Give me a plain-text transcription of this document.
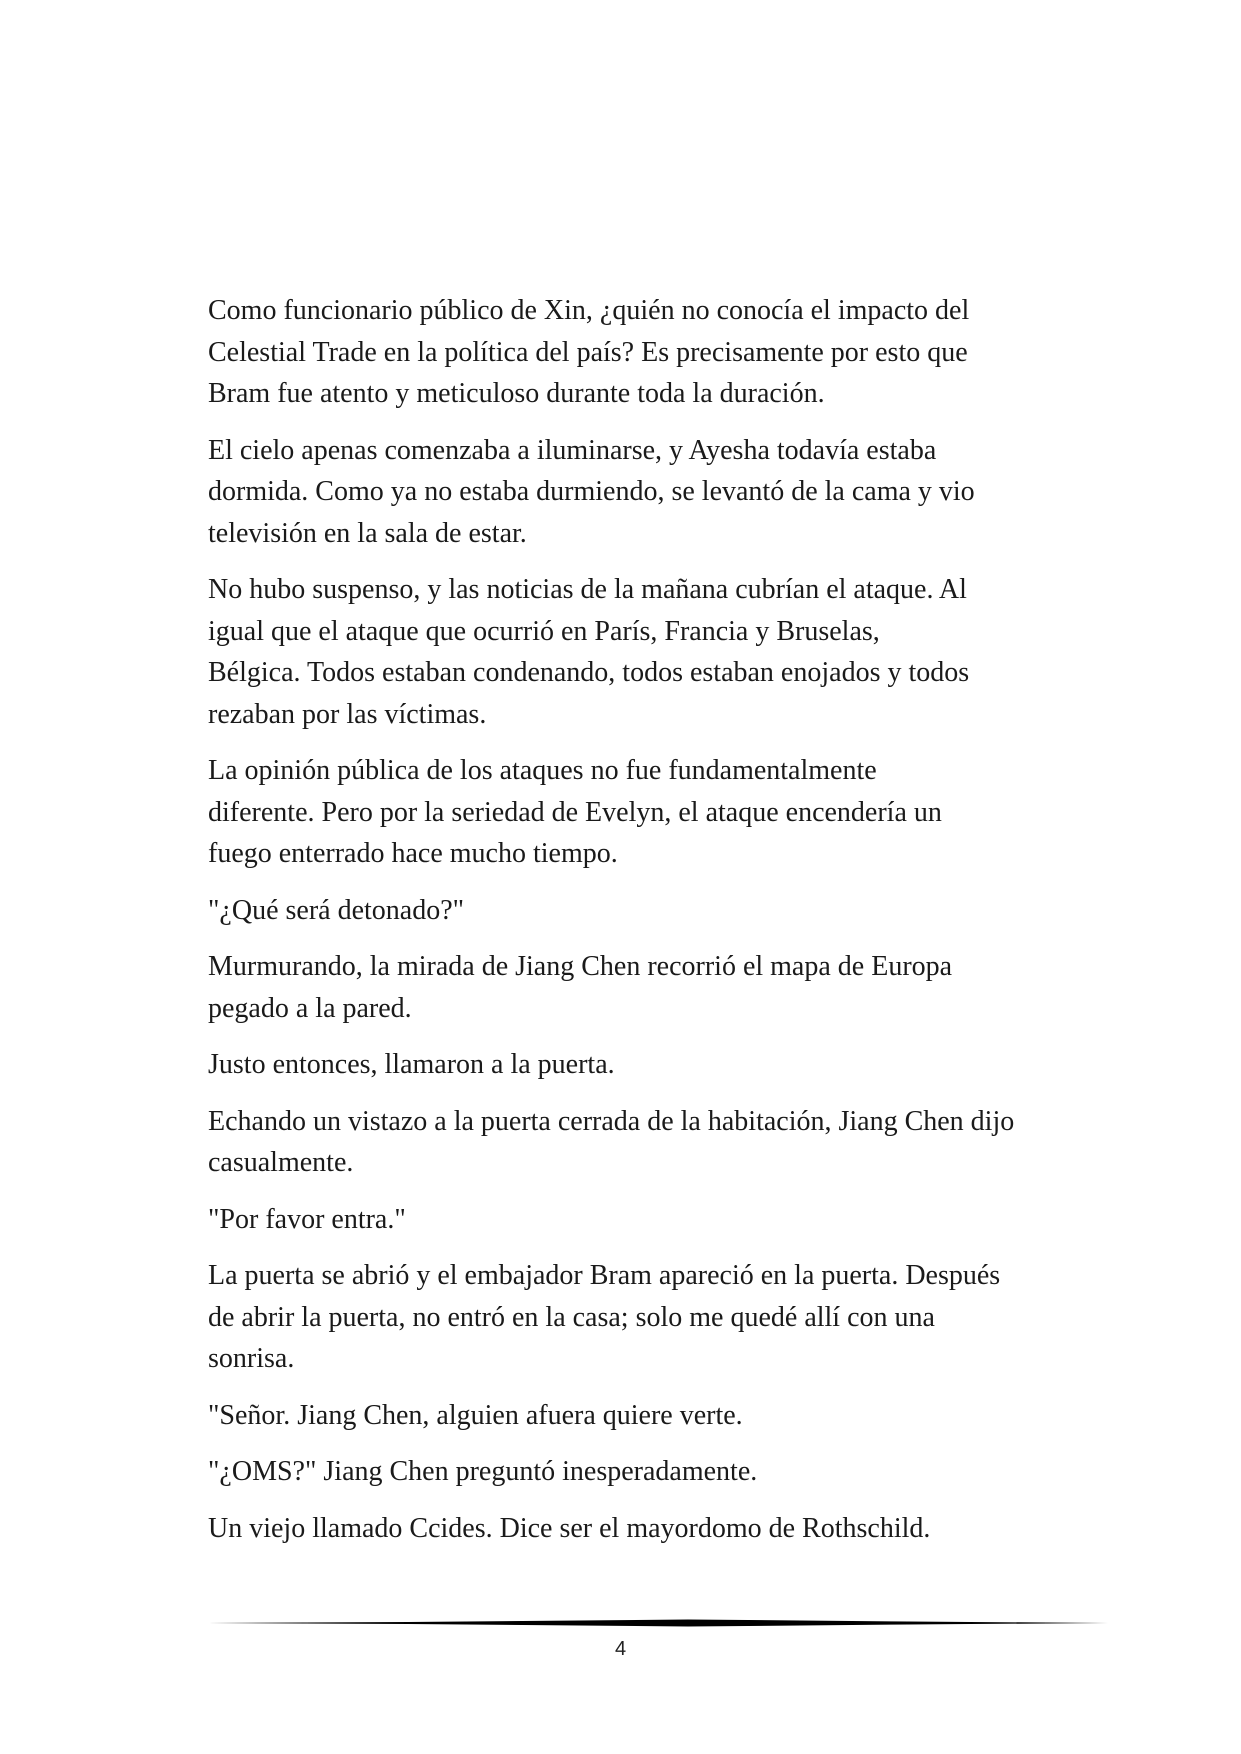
Como funcionario público de Xin, ¿quién no conocía el impacto del
Celestial Trade en la política del país? Es precisamente por esto que
Bram fue atento y meticuloso durante toda la duración.

El cielo apenas comenzaba a iluminarse, y Ayesha todavía estaba
dormida. Como ya no estaba durmiendo, se levantó de la cama y vio
televisión en la sala de estar.

No hubo suspenso, y las noticias de la mañana cubrían el ataque. Al
igual que el ataque que ocurrió en París, Francia y Bruselas,
Bélgica. Todos estaban condenando, todos estaban enojados y todos
rezaban por las víctimas.

La opinión pública de los ataques no fue fundamentalmente
diferente. Pero por la seriedad de Evelyn, el ataque encendería un
fuego enterrado hace mucho tiempo.

"¿Qué será detonado?"

Murmurando, la mirada de Jiang Chen recorrió el mapa de Europa
pegado a la pared.

Justo entonces, llamaron a la puerta.

Echando un vistazo a la puerta cerrada de la habitación, Jiang Chen dijo
casualmente.

"Por favor entra."

La puerta se abrió y el embajador Bram apareció en la puerta. Después
de abrir la puerta, no entró en la casa; solo me quedé allí con una
sonrisa.

"Señor. Jiang Chen, alguien afuera quiere verte.

"¿OMS?" Jiang Chen preguntó inesperadamente.

Un viejo llamado Ccides. Dice ser el mayordomo de Rothschild.

4
